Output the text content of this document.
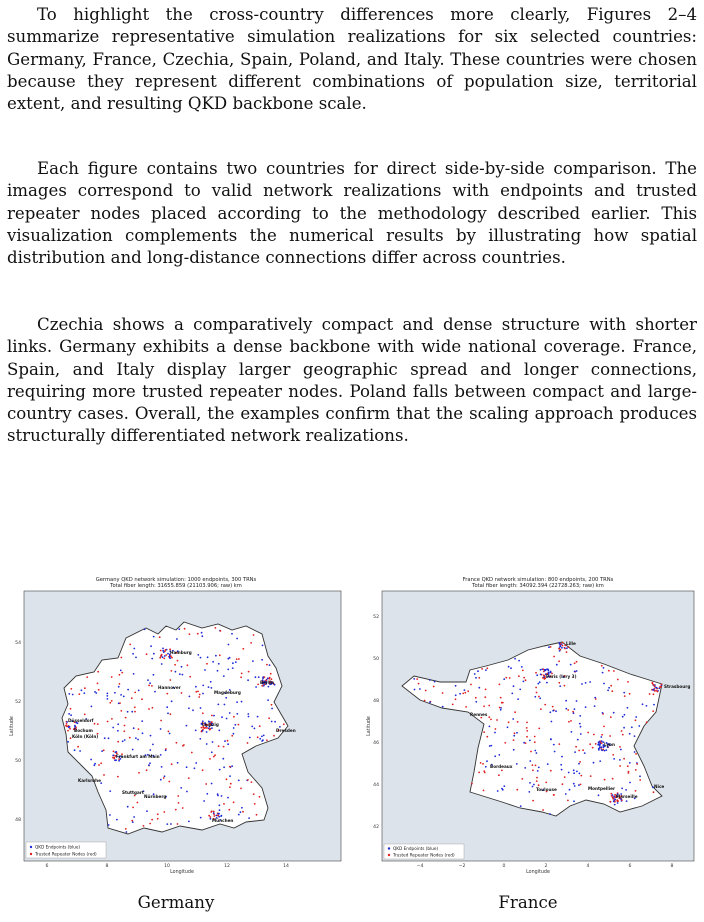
To highlight the cross-country differences more clearly, Figures 2–4 summarize representative simulation realizations for six selected countries: Germany, France, Czechia, Spain, Poland, and Italy. These countries were chosen because they represent different combinations of population size, territorial extent, and resulting QKD backbone scale.

Each figure contains two countries for direct side-by-side comparison. The images correspond to valid network realizations with endpoints and trusted repeater nodes placed according to the methodology described earlier. This visualization complements the numerical results by illustrating how spatial distribution and long-distance connections differ across countries.

Czechia shows a comparatively compact and dense structure with shorter links. Germany exhibits a dense backbone with wide national coverage. France, Spain, and Italy display larger geographic spread and longer connections, requiring more trusted repeater nodes. Poland falls between compact and large-country cases. Overall, the examples confirm that the scaling approach produces structurally differentiated network realizations.

Germany QKD network simulation: 1000 endpoints, 300 TRNs
Total fiber length: 31655.859 (21103.906; raw) km
Hamburg
Hannover
Berlin
Magdeburg
Düsseldorf
Köln (Köln)
Bochum
Frankfurt am Main
Leipzig
Dresden
Stuttgart
Nürnberg
München
Karlsruhe
QKD Endpoints (blue)
Trusted Repeater Nodes (red)
6	8	10	12	14
54
52
50
48
Longitude
Latitude
France QKD network simulation: 800 endpoints, 200 TRNs
Total fiber length: 34092.394 (22728.263; raw) km
Lille
Paris (Ivry 3)
Strasbourg
Rennes
Lyon
Bordeaux
Toulouse	Montpellier
Marseille
Nice
QKD Endpoints (blue)
Trusted Repeater Nodes (red)
−4	−2	0	2	4	6	8
52
50
48
46
44
42
Longitude
Latitude
Germany	France
